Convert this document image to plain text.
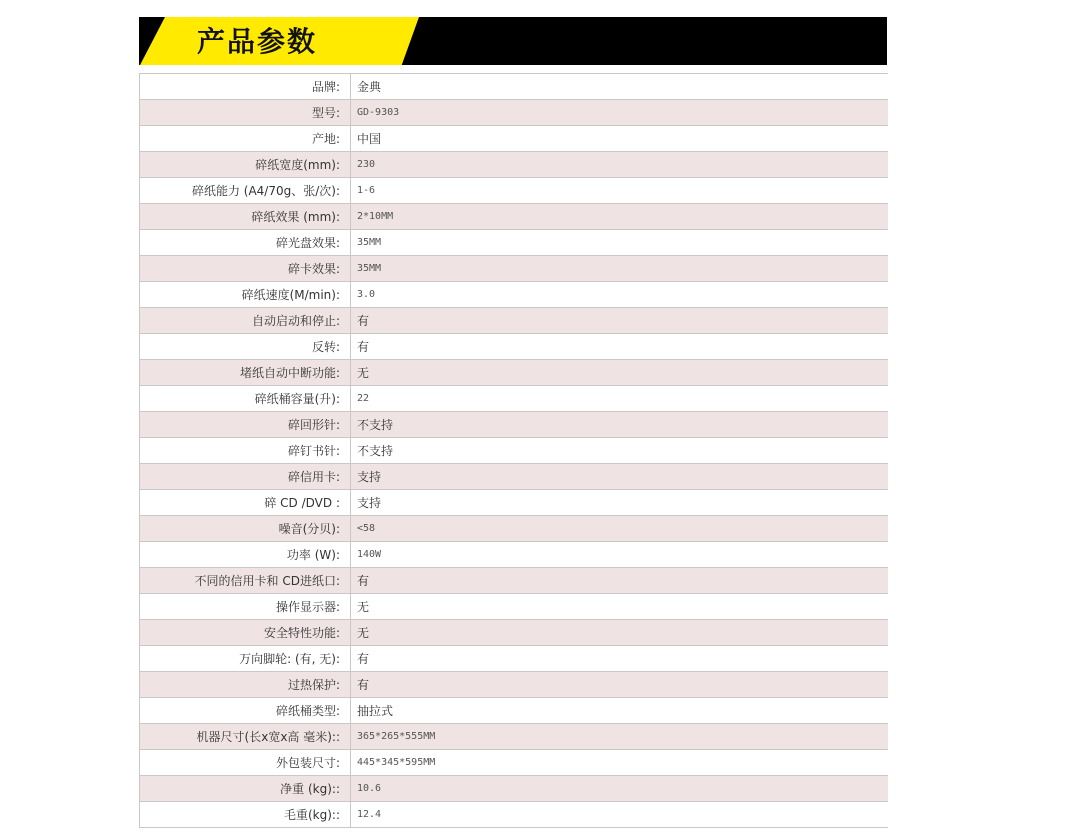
产品参数
品牌:	金典
型号:	GD-9303
产地:	中国
碎纸宽度(mm):	230
碎纸能力 (A4/70g、张/次):	1-6
碎纸效果 (mm):	2*10MM
碎光盘效果:	35MM
碎卡效果:	35MM
碎纸速度(M/min):	3.0
自动启动和停止:	有
反转:	有
堵纸自动中断功能:	无
碎纸桶容量(升):	22
碎回形针:	不支持
碎钉书针:	不支持
碎信用卡:	支持
碎 CD /DVD :	支持
噪音(分贝):	<58
功率 (W):	140W
不同的信用卡和 CD进纸口:	有
操作显示器:	无
安全特性功能:	无
万向脚轮: (有, 无):	有
过热保护:	有
碎纸桶类型:	抽拉式
机器尺寸(长x宽x高 毫米)::	365*265*555MM
外包装尺寸:	445*345*595MM
净重 (kg)::	10.6
毛重(kg)::	12.4
